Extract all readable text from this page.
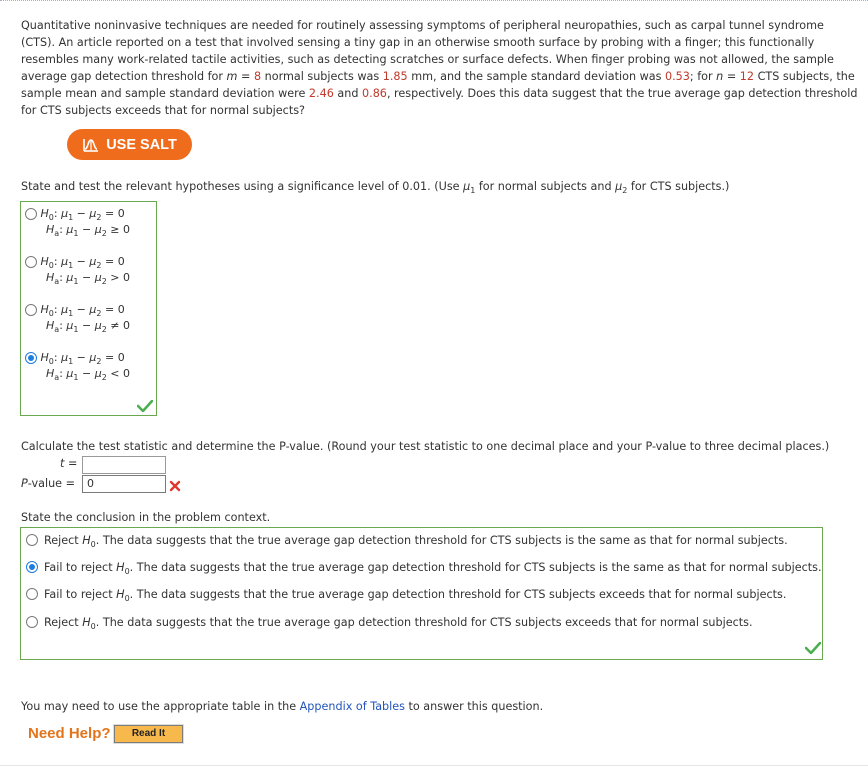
Quantitative noninvasive techniques are needed for routinely assessing symptoms of peripheral neuropathies, such as carpal tunnel syndrome (CTS). An article reported on a test that involved sensing a tiny gap in an otherwise smooth surface by probing with a finger; this functionally resembles many work-related tactile activities, such as detecting scratches or surface defects. When finger probing was not allowed, the sample average gap detection threshold for m = 8 normal subjects was 1.85 mm, and the sample standard deviation was 0.53; for n = 12 CTS subjects, the sample mean and sample standard deviation were 2.46 and 0.86, respectively. Does this data suggest that the true average gap detection threshold for CTS subjects exceeds that for normal subjects?
USE SALT
State and test the relevant hypotheses using a significance level of 0.01. (Use $\mu_1$ for normal subjects and $\mu_2$ for CTS subjects.)
$H_0$: $\mu_1 - \mu_2 = 0$
$H_a$: $\mu_1 - \mu_2 \ge 0$
$H_0$: $\mu_1 - \mu_2 = 0$
$H_a$: $\mu_1 - \mu_2 > 0$
$H_0$: $\mu_1 - \mu_2 = 0$
$H_a$: $\mu_1 - \mu_2 \ne 0$
$H_0$: $\mu_1 - \mu_2 = 0$
$H_a$: $\mu_1 - \mu_2 < 0$
Calculate the test statistic and determine the P-value. (Round your test statistic to one decimal place and your P-value to three decimal places.)
t =
P-value =	0
State the conclusion in the problem context.
Reject $H_0$. The data suggests that the true average gap detection threshold for CTS subjects is the same as that for normal subjects.
Fail to reject $H_0$. The data suggests that the true average gap detection threshold for CTS subjects is the same as that for normal subjects.
Fail to reject $H_0$. The data suggests that the true average gap detection threshold for CTS subjects exceeds that for normal subjects.
Reject $H_0$. The data suggests that the true average gap detection threshold for CTS subjects exceeds that for normal subjects.
You may need to use the appropriate table in the Appendix of Tables to answer this question.
Need Help?	Read It
